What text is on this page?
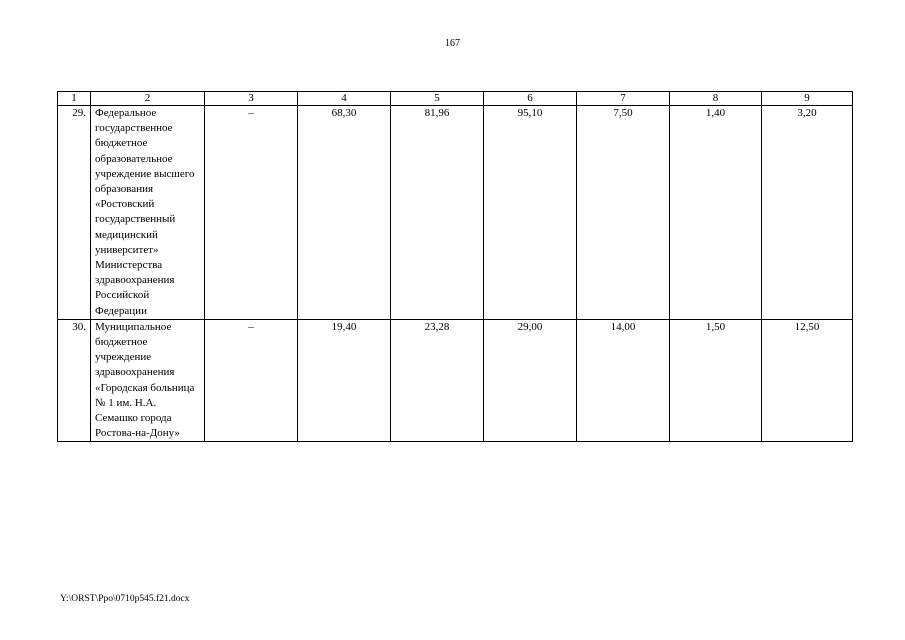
167
1	2	3	4	5	6	7	8	9
29.	Федеральное государственное бюджетное образовательное учреждение высшего образования «Ростовский государственный медицинский университет» Министерства здравоохранения Российской Федерации	–	68,30	81,96	95,10	7,50	1,40	3,20
30.	Муниципальное бюджетное учреждение здравоохранения «Городская больница № 1 им. Н.А. Семашко города Ростова-на-Дону»	–	19,40	23,28	29,00	14,00	1,50	12,50
Y:\ORST\Ppo\0710p545.f21.docx
